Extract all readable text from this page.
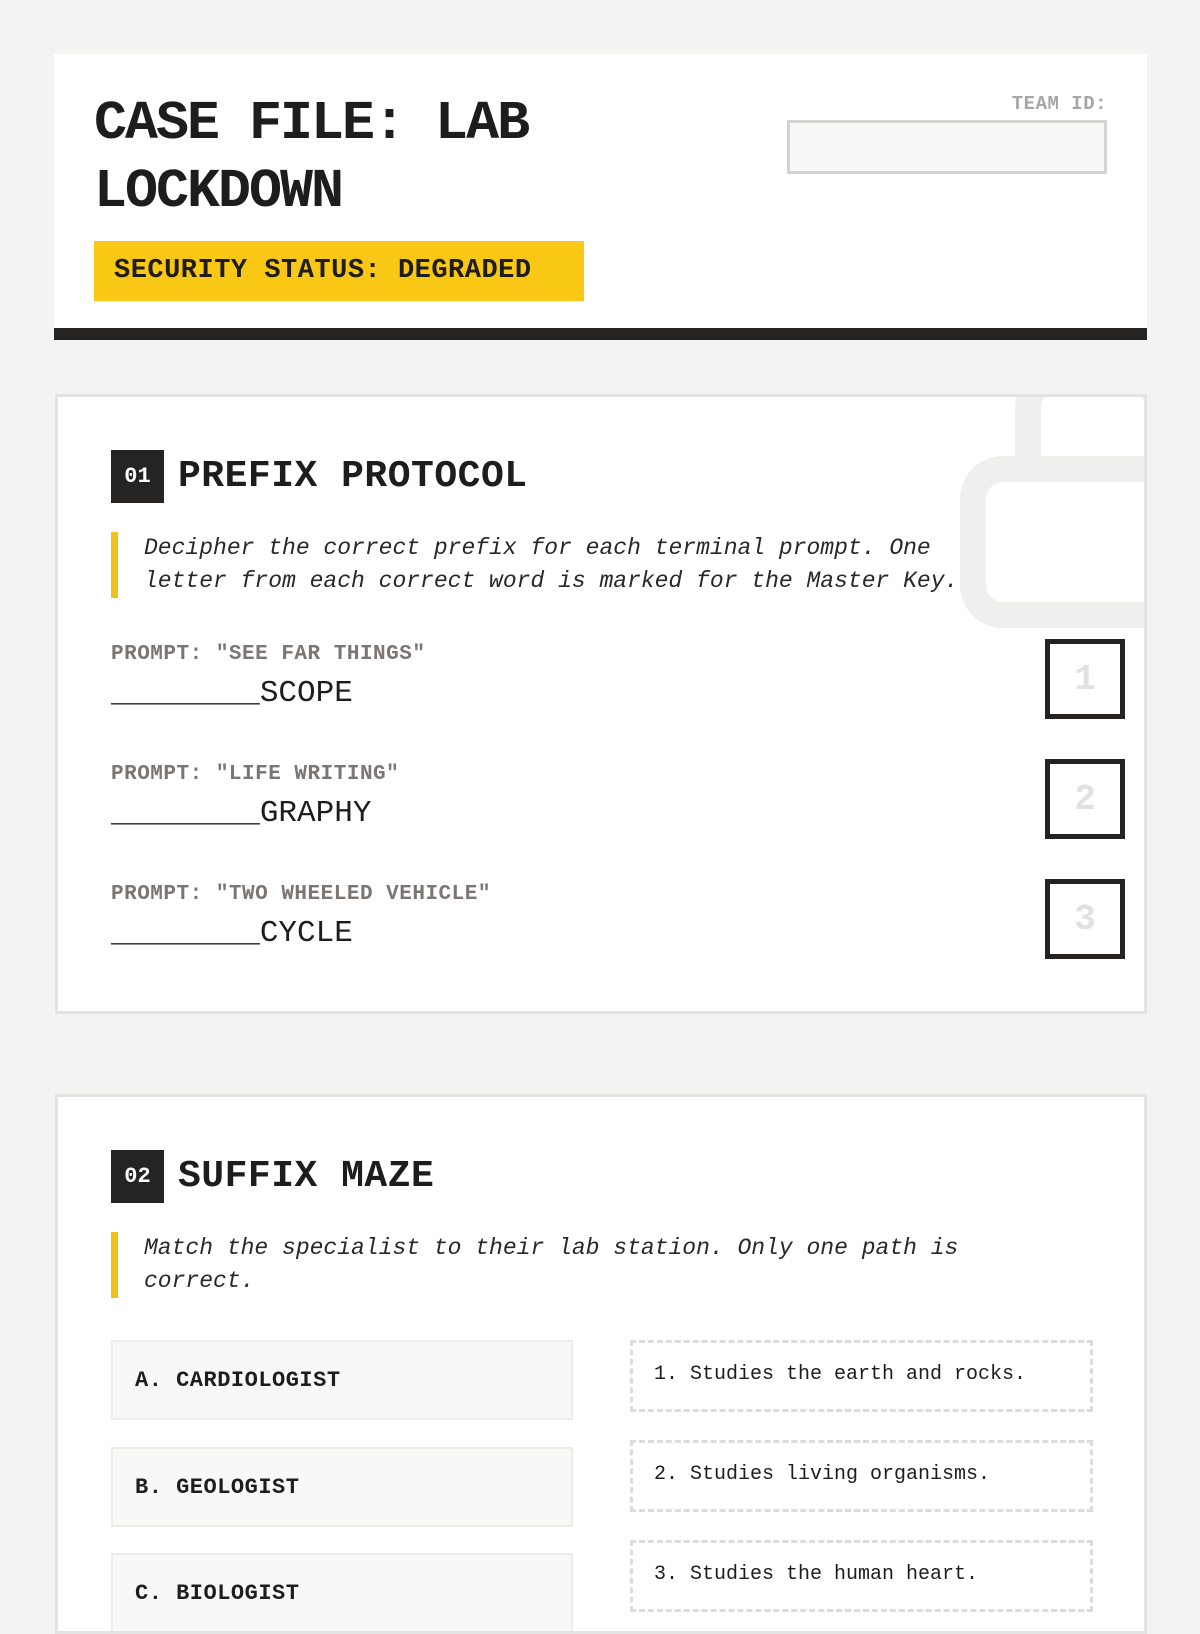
CASE FILE: LAB LOCKDOWN
SECURITY STATUS: DEGRADED
TEAM ID:
01 PREFIX PROTOCOL
Decipher the correct prefix for each terminal prompt. One letter from each correct word is marked for the Master Key.
PROMPT: "SEE FAR THINGS"
________SCOPE	1
PROMPT: "LIFE WRITING"
________GRAPHY	2
PROMPT: "TWO WHEELED VEHICLE"
________CYCLE	3
02 SUFFIX MAZE
Match the specialist to their lab station. Only one path is correct.
A. CARDIOLOGIST
B. GEOLOGIST
C. BIOLOGIST
1. Studies the earth and rocks.
2. Studies living organisms.
3. Studies the human heart.
